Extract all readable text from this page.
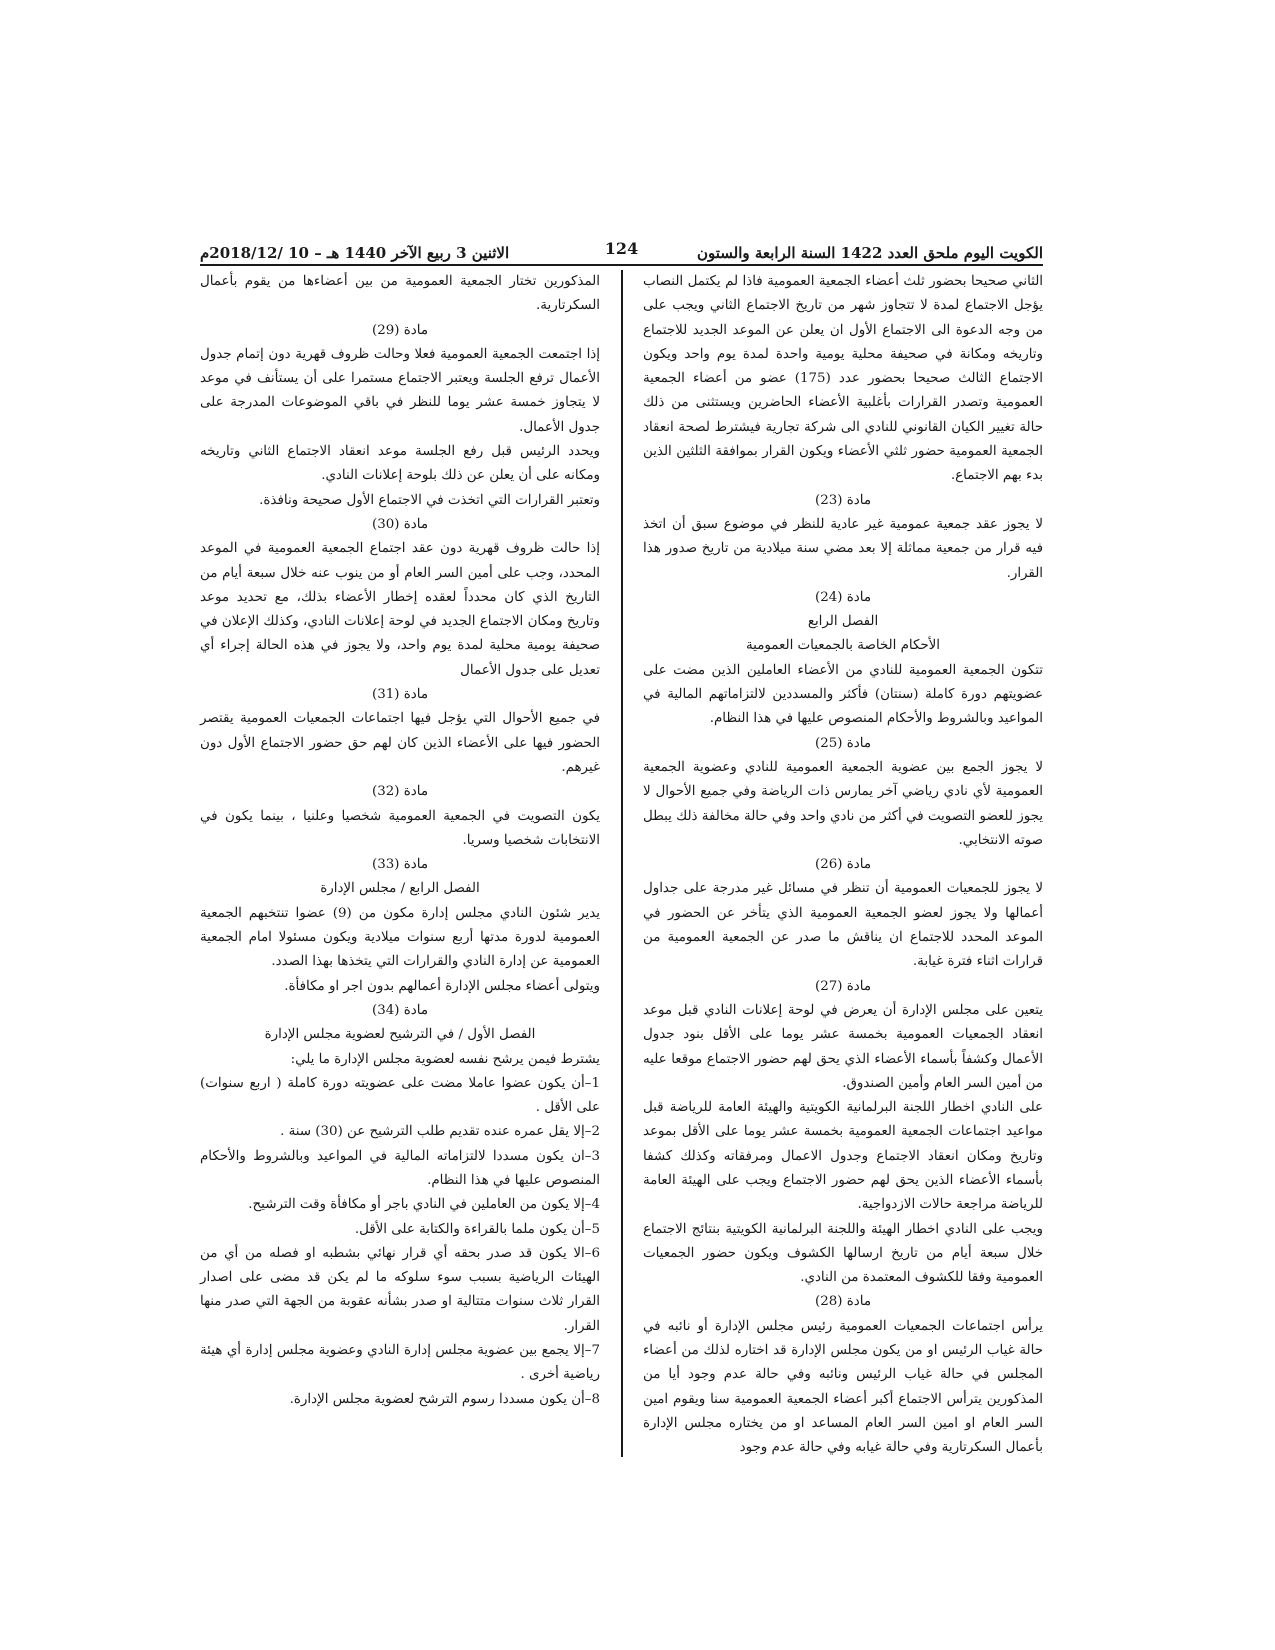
الكويت اليوم ملحق العدد 1422 السنة الرابعة والستون
124
الاثنين 3 ربيع الآخر 1440 هـ – 10 /2018/12م

الثاني صحيحا بحضور ثلث أعضاء الجمعية العمومية فاذا لم يكتمل النصاب يؤجل الاجتماع لمدة لا تتجاوز شهر من تاريخ الاجتماع الثاني ويجب على من وجه الدعوة الى الاجتماع الأول ان يعلن عن الموعد الجديد للاجتماع وتاريخه ومكانة في صحيفة محلية يومية واحدة لمدة يوم واحد ويكون الاجتماع الثالث صحيحا بحضور عدد (175) عضو من أعضاء الجمعية العمومية وتصدر القرارات بأغلبية الأعضاء الحاضرين ويستثنى من ذلك حالة تغيير الكيان القانوني للنادي الى شركة تجارية فيشترط لصحة انعقاد الجمعية العمومية حضور ثلثي الأعضاء ويكون القرار بموافقة الثلثين الذين بدء بهم الاجتماع.

مادة (23)

لا يجوز عقد جمعية عمومية غير عادية للنظر في موضوع سبق أن اتخذ فيه قرار من جمعية مماثلة إلا بعد مضي سنة ميلادية من تاريخ صدور هذا القرار.

مادة (24)

الفصل الرابع

الأحكام الخاصة بالجمعيات العمومية

تتكون الجمعية العمومية للنادي من الأعضاء العاملين الذين مضت على عضويتهم دورة كاملة (سنتان) فأكثر والمسددين لالتزاماتهم المالية في المواعيد وبالشروط والأحكام المنصوص عليها في هذا النظام.

مادة (25)

لا يجوز الجمع بين عضوية الجمعية العمومية للنادي وعضوية الجمعية العمومية لأي نادي رياضي آخر يمارس ذات الرياضة وفي جميع الأحوال لا يجوز للعضو التصويت في أكثر من نادي واحد وفي حالة مخالفة ذلك يبطل صوته الانتخابي.

مادة (26)

لا يجوز للجمعيات العمومية أن تنظر في مسائل غير مدرجة على جداول أعمالها ولا يجوز لعضو الجمعية العمومية الذي يتأخر عن الحضور في الموعد المحدد للاجتماع ان يناقش ما صدر عن الجمعية العمومية من قرارات اثناء فترة غيابة.

مادة (27)

يتعين على مجلس الإدارة أن يعرض في لوحة إعلانات النادي قبل موعد انعقاد الجمعيات العمومية بخمسة عشر يوما على الأقل بنود جدول الأعمال وكشفاً بأسماء الأعضاء الذي يحق لهم حضور الاجتماع موقعا عليه من أمين السر العام وأمين الصندوق.

على النادي اخطار اللجنة البرلمانية الكويتية والهيئة العامة للرياضة قبل مواعيد اجتماعات الجمعية العمومية بخمسة عشر يوما على الأقل بموعد وتاريخ ومكان انعقاد الاجتماع وجدول الاعمال ومرفقاته وكذلك كشفا بأسماء الأعضاء الذين يحق لهم حضور الاجتماع ويجب على الهيئة العامة للرياضة مراجعة حالات الازدواجية.

ويجب على النادي اخطار الهيئة واللجنة البرلمانية الكويتية بنتائج الاجتماع خلال سبعة أيام من تاريخ ارسالها الكشوف ويكون حضور الجمعيات العمومية وفقا للكشوف المعتمدة من النادي.

مادة (28)

يرأس اجتماعات الجمعيات العمومية رئيس مجلس الإدارة أو نائبه في حالة غياب الرئيس او من يكون مجلس الإدارة قد اختاره لذلك من أعضاء المجلس في حالة غياب الرئيس ونائبه وفي حالة عدم وجود أيا من المذكورين يترأس الاجتماع أكبر أعضاء الجمعية العمومية سنا ويقوم امين السر العام او امين السر العام المساعد او من يختاره مجلس الإدارة بأعمال السكرتارية وفي حالة غيابه وفي حالة عدم وجود

المذكورين تختار الجمعية العمومية من بين أعضاءها من يقوم بأعمال السكرتارية.

مادة (29)

إذا اجتمعت الجمعية العمومية فعلا وحالت ظروف قهرية دون إتمام جدول الأعمال ترفع الجلسة ويعتبر الاجتماع مستمرا على أن يستأنف في موعد لا يتجاوز خمسة عشر يوما للنظر في باقي الموضوعات المدرجة على جدول الأعمال.

ويحدد الرئيس قبل رفع الجلسة موعد انعقاد الاجتماع الثاني وتاريخه ومكانه على أن يعلن عن ذلك بلوحة إعلانات النادي.

وتعتبر القرارات التي اتخذت في الاجتماع الأول صحيحة ونافذة.

مادة (30)

إذا حالت ظروف قهرية دون عقد اجتماع الجمعية العمومية في الموعد المحدد، وجب على أمين السر العام أو من ينوب عنه خلال سبعة أيام من التاريخ الذي كان محدداً لعقده إخطار الأعضاء بذلك، مع تحديد موعد وتاريخ ومكان الاجتماع الجديد في لوحة إعلانات النادي، وكذلك الإعلان في صحيفة يومية محلية لمدة يوم واحد، ولا يجوز في هذه الحالة إجراء أي تعديل على جدول الأعمال

مادة (31)

في جميع الأحوال التي يؤجل فيها اجتماعات الجمعيات العمومية يقتصر الحضور فيها على الأعضاء الذين كان لهم حق حضور الاجتماع الأول دون غيرهم.

مادة (32)

يكون التصويت في الجمعية العمومية شخصيا وعلنيا ، بينما يكون في الانتخابات شخصيا وسريا.

مادة (33)

الفصل الرابع / مجلس الإدارة

يدير شئون النادي مجلس إدارة مكون من (9) عضوا تنتخبهم الجمعية العمومية لدورة مدتها أربع سنوات ميلادية ويكون مسئولا امام الجمعية العمومية عن إدارة النادي والقرارات التي يتخذها بهذا الصدد.

ويتولى أعضاء مجلس الإدارة أعمالهم بدون اجر او مكافأة.

مادة (34)

الفصل الأول / في الترشيح لعضوية مجلس الإدارة

يشترط فيمن يرشح نفسه لعضوية مجلس الإدارة ما يلي:

1–أن يكون عضوا عاملا مضت على عضويته دورة كاملة ( اربع سنوات) على الأقل .

2–إلا يقل عمره عنده تقديم طلب الترشيح عن (30) سنة .

3–ان يكون مسددا لالتزاماته المالية في المواعيد وبالشروط والأحكام المنصوص عليها في هذا النظام.

4–إلا يكون من العاملين في النادي باجر أو مكافأة وقت الترشيح.

5–أن يكون ملما بالقراءة والكتابة على الأقل.

6–الا يكون قد صدر بحقه أي قرار نهائي بشطبه او فصله من أي من الهيئات الرياضية بسبب سوء سلوكه ما لم يكن قد مضى على اصدار القرار ثلاث سنوات متتالية او صدر بشأنه عقوبة من الجهة التي صدر منها القرار.

7–إلا يجمع بين عضوية مجلس إدارة النادي وعضوية مجلس إدارة أي هيئة رياضية أخرى .

8–أن يكون مسددا رسوم الترشح لعضوية مجلس الإدارة.
